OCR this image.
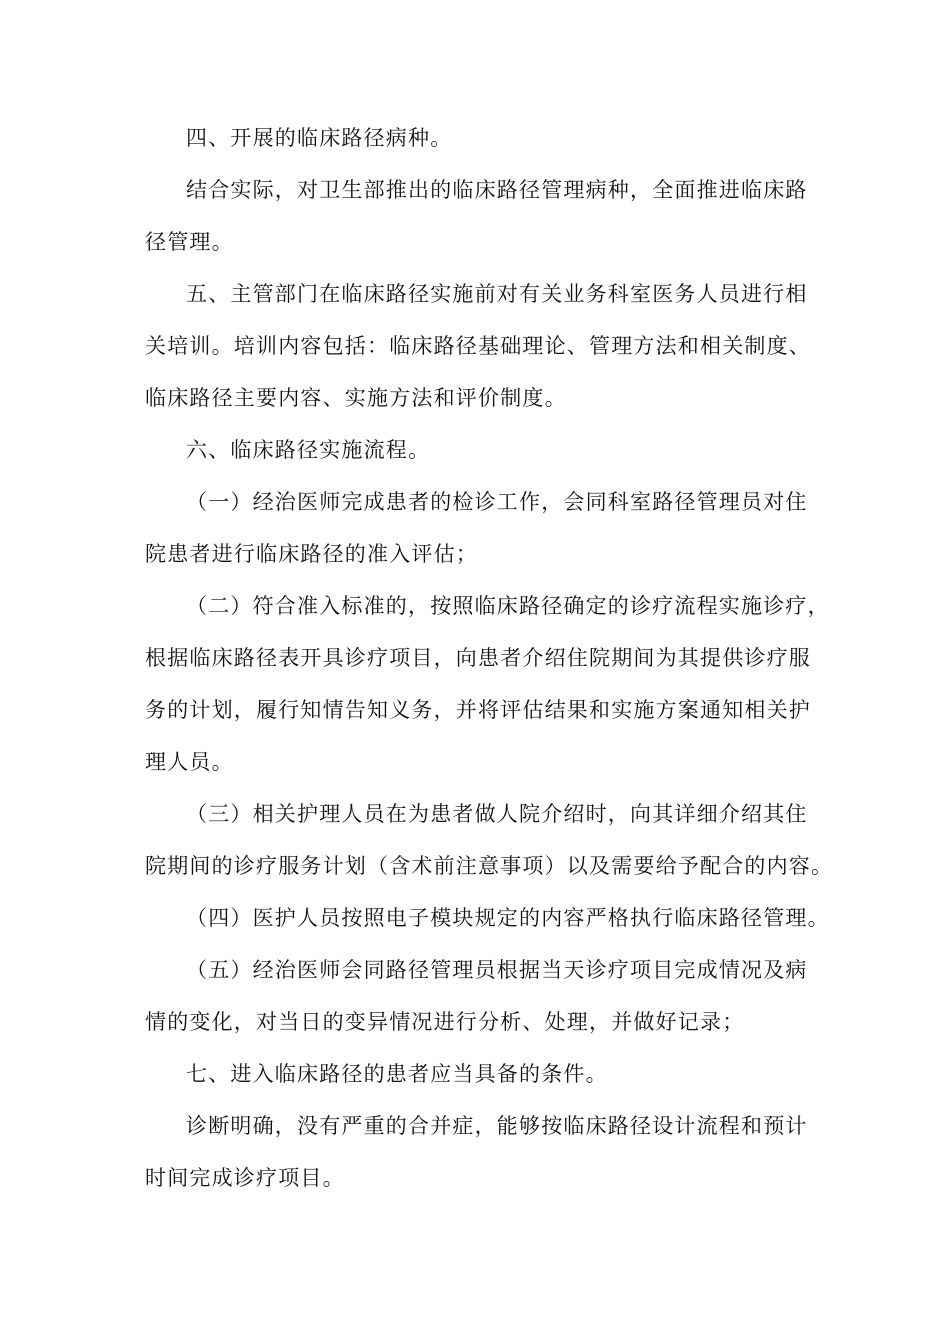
四、开展的临床路径病种。
结合实际，对卫生部推出的临床路径管理病种，全面推进临床路
径管理。
五、主管部门在临床路径实施前对有关业务科室医务人员进行相
关培训。培训内容包括：临床路径基础理论、管理方法和相关制度、
临床路径主要内容、实施方法和评价制度。
六、临床路径实施流程。
（一）经治医师完成患者的检诊工作，会同科室路径管理员对住
院患者进行临床路径的准入评估；
（二）符合准入标准的，按照临床路径确定的诊疗流程实施诊疗，
根据临床路径表开具诊疗项目，向患者介绍住院期间为其提供诊疗服
务的计划，履行知情告知义务，并将评估结果和实施方案通知相关护
理人员。
（三）相关护理人员在为患者做人院介绍时，向其详细介绍其住
院期间的诊疗服务计划（含术前注意事项）以及需要给予配合的内容。
（四）医护人员按照电子模块规定的内容严格执行临床路径管理。
（五）经治医师会同路径管理员根据当天诊疗项目完成情况及病
情的变化，对当日的变异情况进行分析、处理，并做好记录；
七、进入临床路径的患者应当具备的条件。
诊断明确，没有严重的合并症，能够按临床路径设计流程和预计
时间完成诊疗项目。
